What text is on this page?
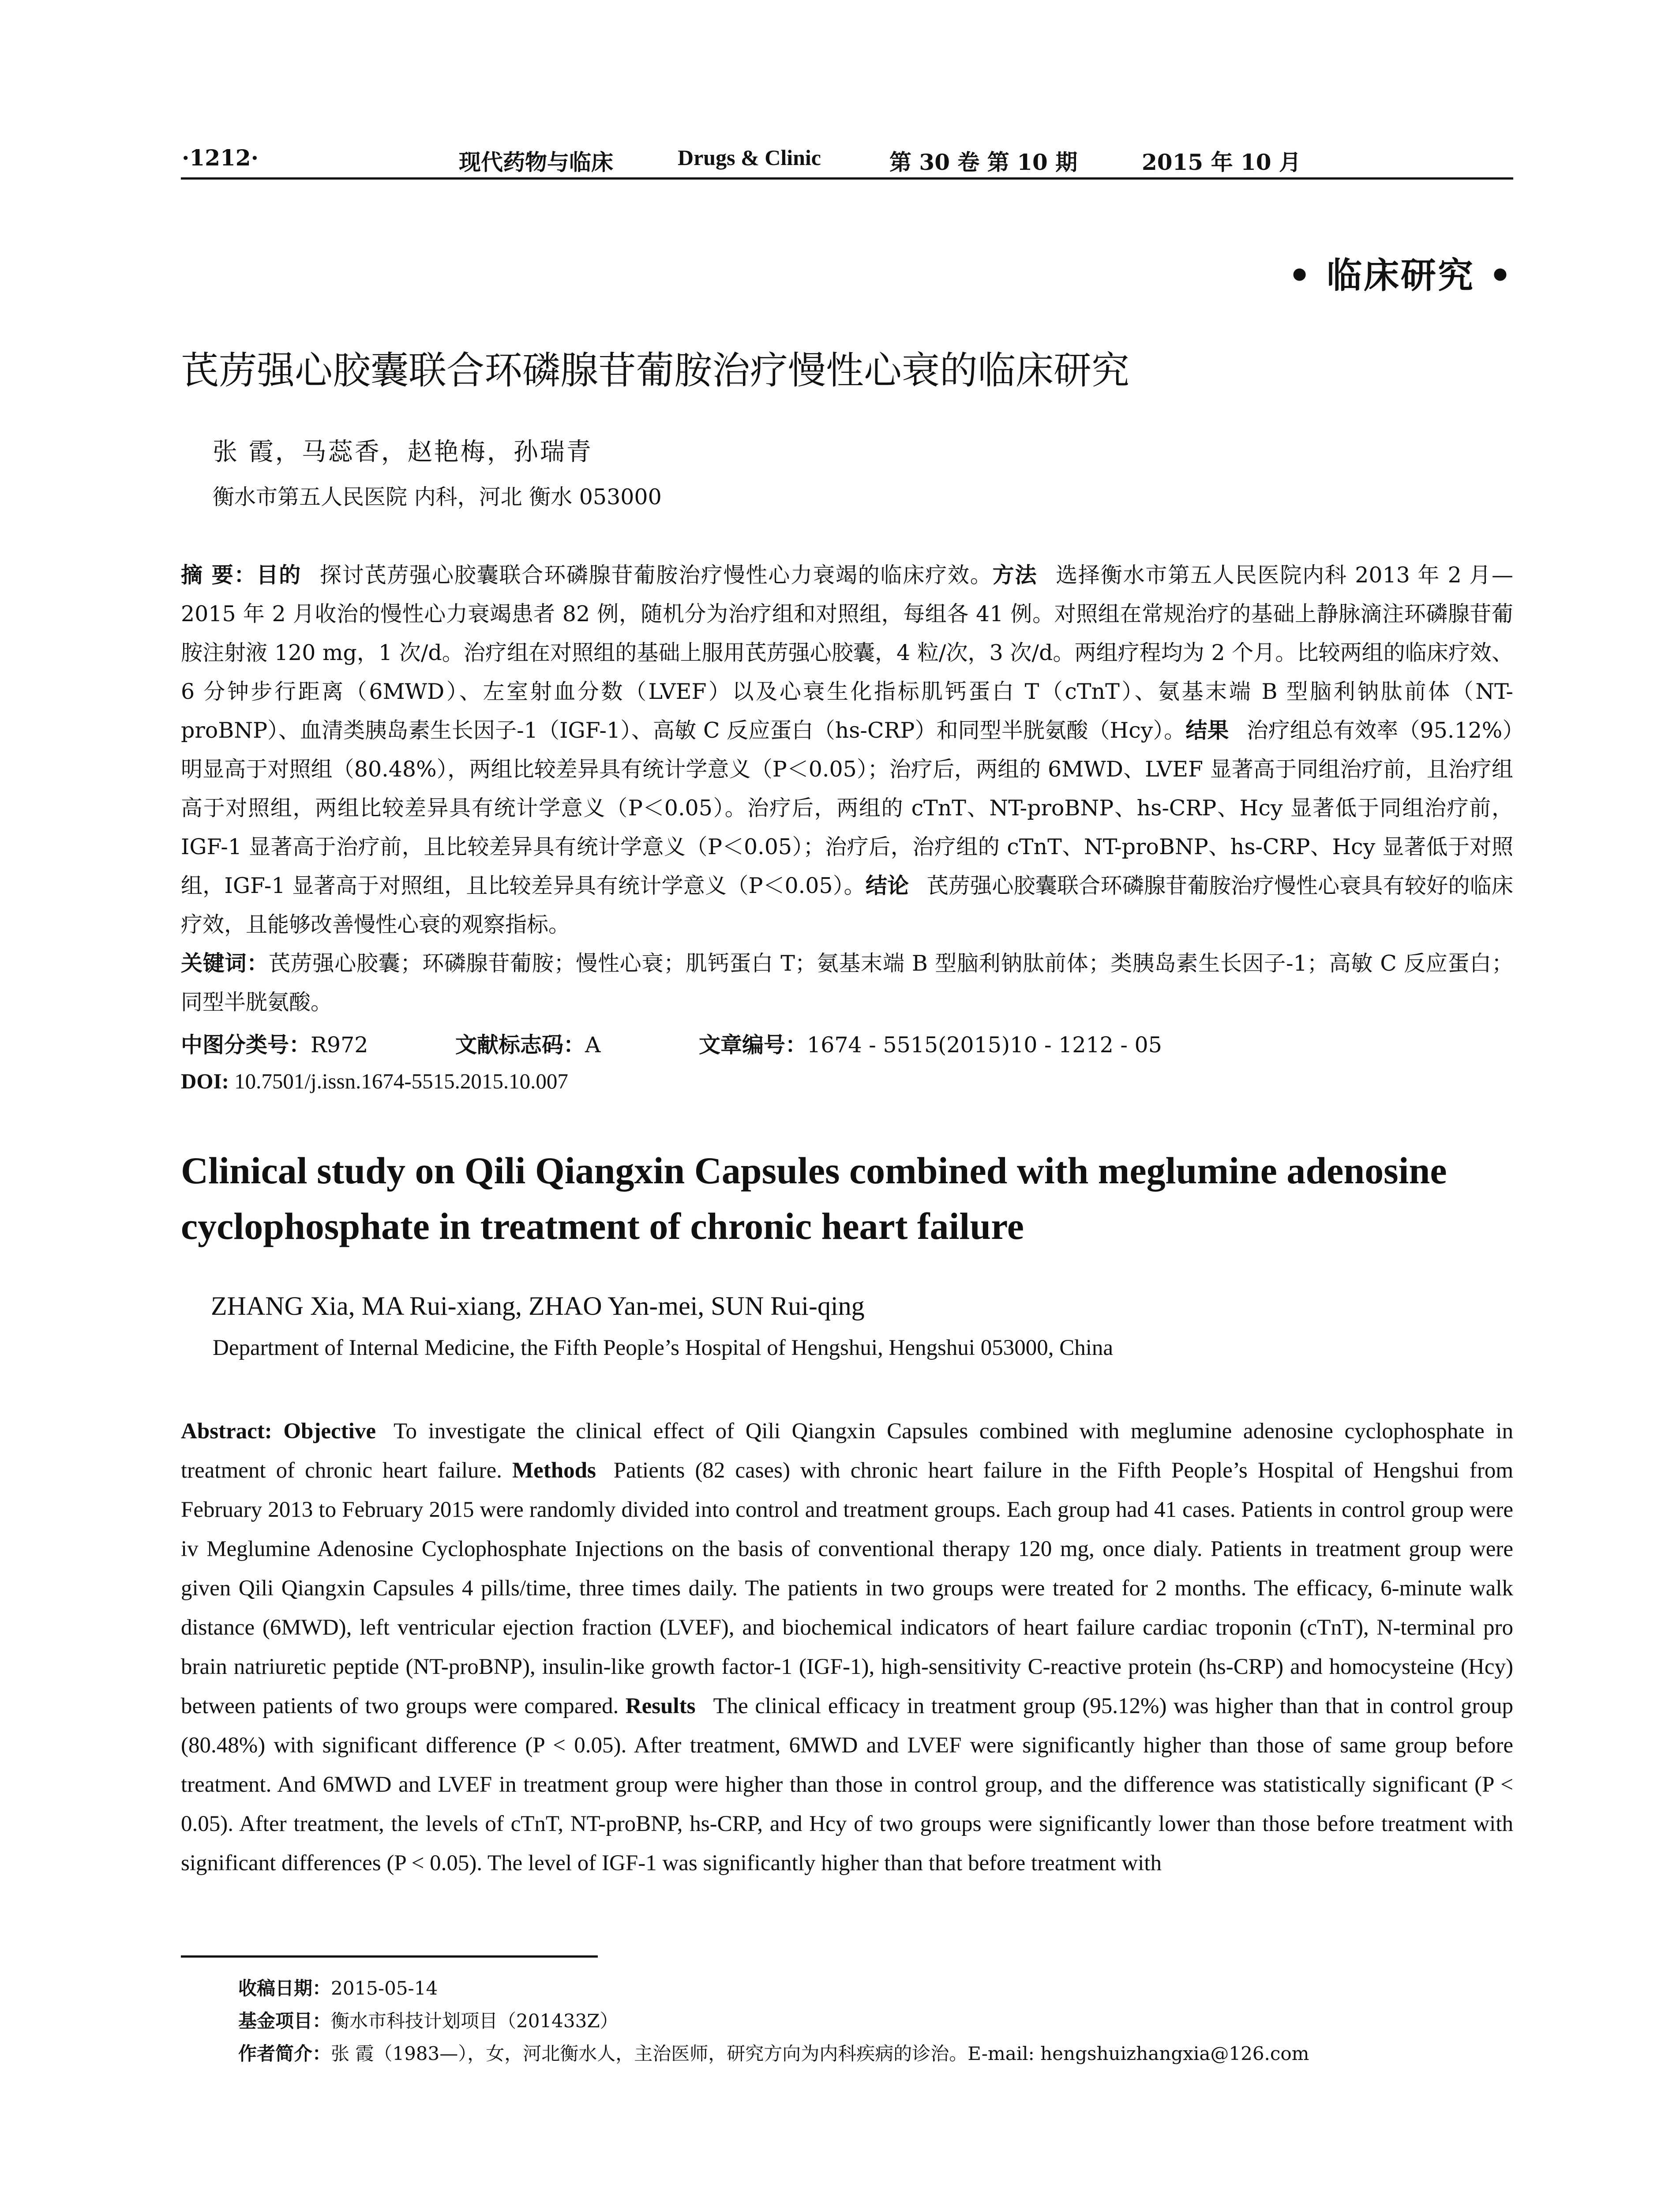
·1212·	现代药物与临床	Drugs & Clinic	第 30 卷 第 10 期	2015 年 10 月
• 临床研究 •
芪苈强心胶囊联合环磷腺苷葡胺治疗慢性心衰的临床研究
张 霞，马蕊香，赵艳梅，孙瑞青
衡水市第五人民医院 内科，河北 衡水 053000
摘 要：目的 探讨芪苈强心胶囊联合环磷腺苷葡胺治疗慢性心力衰竭的临床疗效。方法 选择衡水市第五人民医院内科 2013 年 2 月—2015 年 2 月收治的慢性心力衰竭患者 82 例，随机分为治疗组和对照组，每组各 41 例。对照组在常规治疗的基础上静脉滴注环磷腺苷葡胺注射液 120 mg，1 次/d。治疗组在对照组的基础上服用芪苈强心胶囊，4 粒/次，3 次/d。两组疗程均为 2 个月。比较两组的临床疗效、6 分钟步行距离（6MWD）、左室射血分数（LVEF）以及心衰生化指标肌钙蛋白 T（cTnT）、氨基末端 B 型脑利钠肽前体（NT-proBNP）、血清类胰岛素生长因子-1（IGF-1）、高敏 C 反应蛋白（hs-CRP）和同型半胱氨酸（Hcy）。结果 治疗组总有效率（95.12%）明显高于对照组（80.48%），两组比较差异具有统计学意义（P＜0.05）；治疗后，两组的 6MWD、LVEF 显著高于同组治疗前，且治疗组高于对照组，两组比较差异具有统计学意义（P＜0.05）。治疗后，两组的 cTnT、NT-proBNP、hs-CRP、Hcy 显著低于同组治疗前，IGF-1 显著高于治疗前，且比较差异具有统计学意义（P＜0.05）；治疗后，治疗组的 cTnT、NT-proBNP、hs-CRP、Hcy 显著低于对照组，IGF-1 显著高于对照组，且比较差异具有统计学意义（P＜0.05）。结论 芪苈强心胶囊联合环磷腺苷葡胺治疗慢性心衰具有较好的临床疗效，且能够改善慢性心衰的观察指标。
关键词：芪苈强心胶囊；环磷腺苷葡胺；慢性心衰；肌钙蛋白 T；氨基末端 B 型脑利钠肽前体；类胰岛素生长因子-1；高敏 C 反应蛋白；同型半胱氨酸。
中图分类号：R972	文献标志码：A	文章编号：1674 - 5515(2015)10 - 1212 - 05
DOI: 10.7501/j.issn.1674-5515.2015.10.007
Clinical study on Qili Qiangxin Capsules combined with meglumine adenosine cyclophosphate in treatment of chronic heart failure
ZHANG Xia, MA Rui-xiang, ZHAO Yan-mei, SUN Rui-qing
Department of Internal Medicine, the Fifth People’s Hospital of Hengshui, Hengshui 053000, China
Abstract: Objective To investigate the clinical effect of Qili Qiangxin Capsules combined with meglumine adenosine cyclophosphate in treatment of chronic heart failure. Methods Patients (82 cases) with chronic heart failure in the Fifth People’s Hospital of Hengshui from February 2013 to February 2015 were randomly divided into control and treatment groups. Each group had 41 cases. Patients in control group were iv Meglumine Adenosine Cyclophosphate Injections on the basis of conventional therapy 120 mg, once dialy. Patients in treatment group were given Qili Qiangxin Capsules 4 pills/time, three times daily. The patients in two groups were treated for 2 months. The efficacy, 6-minute walk distance (6MWD), left ventricular ejection fraction (LVEF), and biochemical indicators of heart failure cardiac troponin (cTnT), N-terminal pro brain natriuretic peptide (NT-proBNP), insulin-like growth factor-1 (IGF-1), high-sensitivity C-reactive protein (hs-CRP) and homocysteine (Hcy) between patients of two groups were compared. Results The clinical efficacy in treatment group (95.12%) was higher than that in control group (80.48%) with significant difference (P < 0.05). After treatment, 6MWD and LVEF were significantly higher than those of same group before treatment. And 6MWD and LVEF in treatment group were higher than those in control group, and the difference was statistically significant (P < 0.05). After treatment, the levels of cTnT, NT-proBNP, hs-CRP, and Hcy of two groups were significantly lower than those before treatment with significant differences (P < 0.05). The level of IGF-1 was significantly higher than that before treatment with
收稿日期：2015-05-14
基金项目：衡水市科技计划项目（201433Z）
作者简介：张 霞（1983—），女，河北衡水人，主治医师，研究方向为内科疾病的诊治。E-mail: hengshuizhangxia@126.com
